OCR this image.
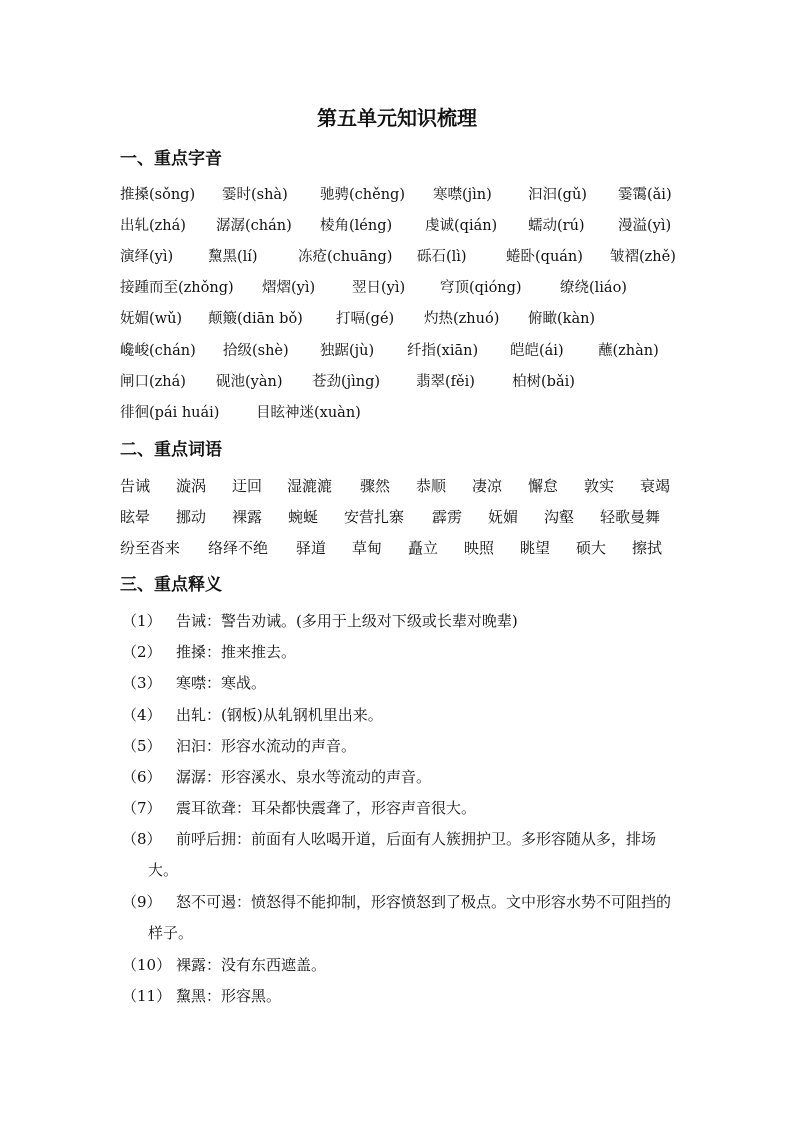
第五单元知识梳理
一、重点字音
推搡(sǒng) 霎时(shà) 驰骋(chěng) 寒噤(jìn) 汩汩(gǔ) 霎霭(ǎi)
出轧(zhá) 潺潺(chán) 棱角(léng) 虔诚(qián) 蠕动(rú) 漫溢(yì)
演绎(yì) 黧黑(lí)	冻疮(chuāng) 砾石(lì)	蜷卧(quán) 皱褶(zhě)
接踵而至(zhǒng) 熠熠(yì)	翌日(yì) 穹顶(qióng)	缭绕(liáo)
妩媚(wǔ) 颠簸(diān bǒ) 打嗝(gé) 灼热(zhuó) 俯瞰(kàn)
巉峻(chán) 拾级(shè) 独踞(jù) 纤指(xiān) 皑皑(ái) 蘸(zhàn)
闸口(zhá) 砚池(yàn) 苍劲(jìng) 翡翠(fěi)	柏树(bǎi)
徘徊(pái huái)	目眩神迷(xuàn)
二、重点词语
告诫 漩涡 迂回 湿漉漉 骤然 恭顺 凄凉 懈怠 敦实 衰竭
眩晕 挪动 裸露 蜿蜒 安营扎寨 霹雳 妩媚 沟壑 轻歌曼舞
纷至沓来 络绎不绝 驿道 草甸 矗立 映照 眺望 硕大 擦拭
三、重点释义
（1） 告诫：警告劝诫。(多用于上级对下级或长辈对晚辈)
（2） 推搡：推来推去。
（3） 寒噤：寒战。
（4） 出轧：(钢板)从轧钢机里出来。
（5） 汩汩：形容水流动的声音。
（6） 潺潺：形容溪水、泉水等流动的声音。
（7） 震耳欲聋：耳朵都快震聋了，形容声音很大。
（8） 前呼后拥：前面有人吆喝开道，后面有人簇拥护卫。多形容随从多，排场大。
（9） 怒不可遏：愤怒得不能抑制，形容愤怒到了极点。文中形容水势不可阻挡的样子。
（10） 裸露：没有东西遮盖。
（11） 黧黑：形容黑。
